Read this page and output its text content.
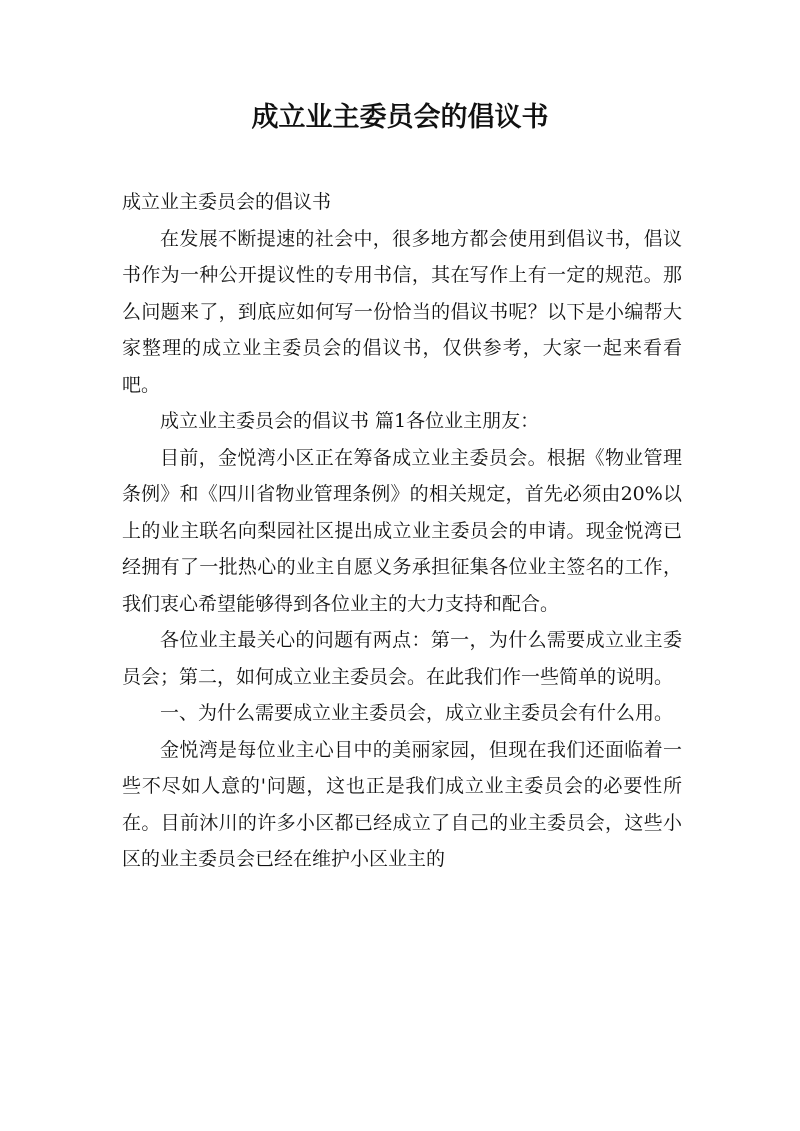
成立业主委员会的倡议书

成立业主委员会的倡议书

在发展不断提速的社会中，很多地方都会使用到倡议书，倡议书作为一种公开提议性的专用书信，其在写作上有一定的规范。那么问题来了，到底应如何写一份恰当的倡议书呢？以下是小编帮大家整理的成立业主委员会的倡议书，仅供参考，大家一起来看看吧。

成立业主委员会的倡议书 篇1各位业主朋友：

目前，金悦湾小区正在筹备成立业主委员会。根据《物业管理条例》和《四川省物业管理条例》的相关规定，首先必须由20%以上的业主联名向梨园社区提出成立业主委员会的申请。现金悦湾已经拥有了一批热心的业主自愿义务承担征集各位业主签名的工作，我们衷心希望能够得到各位业主的大力支持和配合。

各位业主最关心的问题有两点：第一，为什么需要成立业主委员会；第二，如何成立业主委员会。在此我们作一些简单的说明。

一、为什么需要成立业主委员会，成立业主委员会有什么用。

金悦湾是每位业主心目中的美丽家园，但现在我们还面临着一些不尽如人意的'问题，这也正是我们成立业主委员会的必要性所在。目前沐川的许多小区都已经成立了自己的业主委员会，这些小区的业主委员会已经在维护小区业主的
